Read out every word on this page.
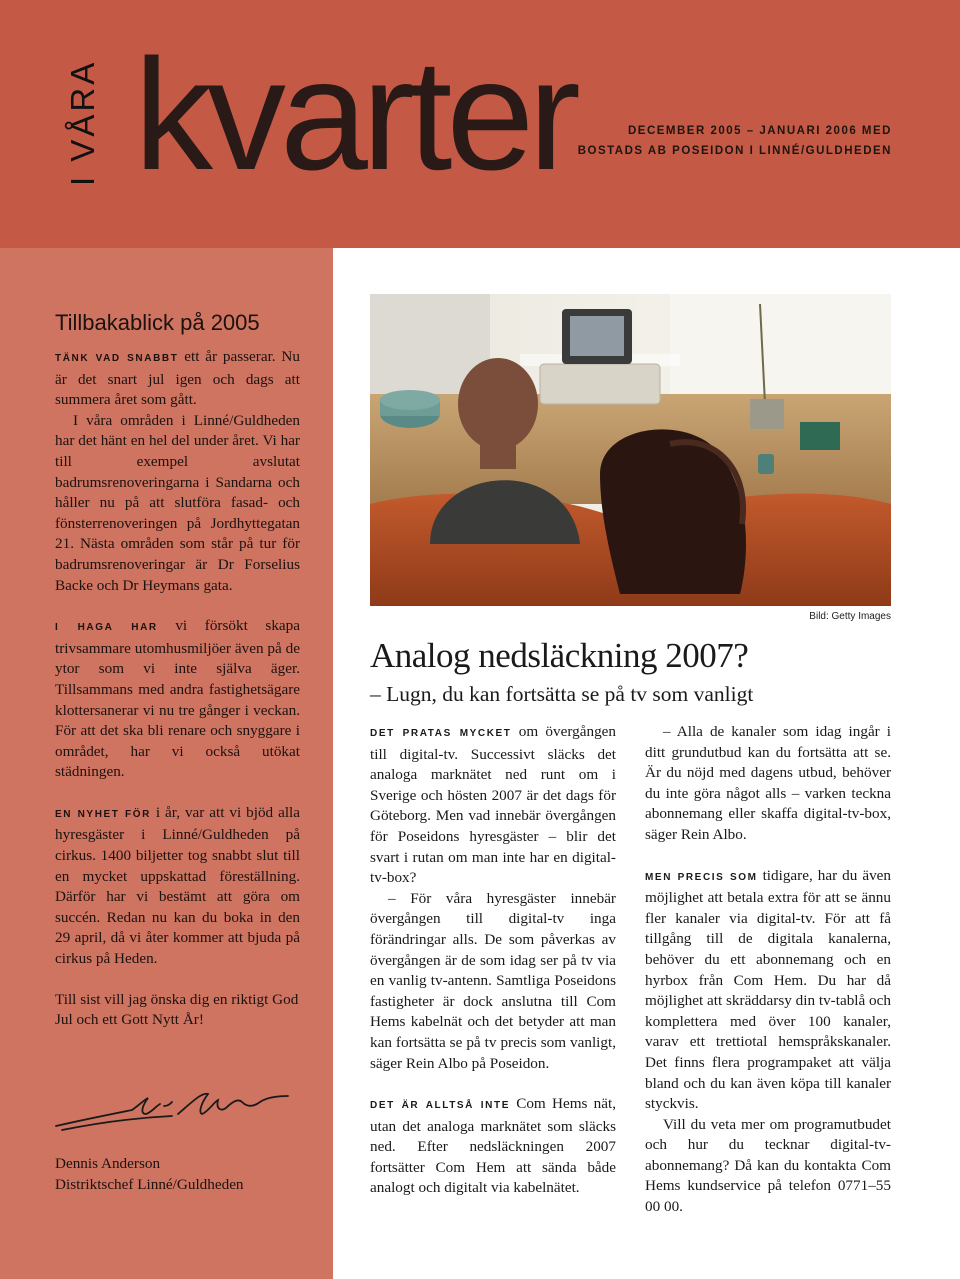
I VÅRA kvarter	DECEMBER 2005 – JANUARI 2006 MED
BOSTADS AB POSEIDON I LINNÉ/GULDHEDEN
Tillbakablick på 2005

TÄNK VAD SNABBT ett år passerar. Nu är det snart jul igen och dags att summera året som gått.

I våra områden i Linné/Guldheden har det hänt en hel del under året. Vi har till exempel avslutat badrumsrenoveringarna i Sandarna och håller nu på att slutföra fasad- och fönsterrenoveringen på Jordhyttegatan 21. Nästa områden som står på tur för badrumsrenoveringar är Dr Forselius Backe och Dr Heymans gata.

I HAGA HAR vi försökt skapa trivsammare utomhusmiljöer även på de ytor som vi inte själva äger. Tillsammans med andra fastighetsägare klottersanerar vi nu tre gånger i veckan. För att det ska bli renare och snyggare i området, har vi också utökat städningen.

EN NYHET FÖR i år, var att vi bjöd alla hyresgäster i Linné/Guldheden på cirkus. 1400 biljetter tog snabbt slut till en mycket uppskattad föreställning. Därför har vi bestämt att göra om succén. Redan nu kan du boka in den 29 april, då vi åter kommer att bjuda på cirkus på Heden.

Till sist vill jag önska dig en riktigt God Jul och ett Gott Nytt År!

Dennis Anderson
Distriktschef Linné/Guldheden
Bild: Getty Images
Analog nedsläckning 2007?
– Lugn, du kan fortsätta se på tv som vanligt

DET PRATAS MYCKET om övergången till digital-tv. Successivt släcks det analoga marknätet ned runt om i Sverige och hösten 2007 är det dags för Göteborg. Men vad innebär övergången för Poseidons hyresgäster – blir det svart i rutan om man inte har en digital-tv-box?

– För våra hyresgäster innebär övergången till digital-tv inga förändringar alls. De som påverkas av övergången är de som idag ser på tv via en vanlig tv-antenn. Samtliga Poseidons fastigheter är dock anslutna till Com Hems kabelnät och det betyder att man kan fortsätta se på tv precis som vanligt, säger Rein Albo på Poseidon.

DET ÄR ALLTSÅ INTE Com Hems nät, utan det analoga marknätet som släcks ned. Efter nedsläckningen 2007 fortsätter Com Hem att sända både analogt och digitalt via kabelnätet.

– Alla de kanaler som idag ingår i ditt grundutbud kan du fortsätta att se. Är du nöjd med dagens utbud, behöver du inte göra något alls – varken teckna abonnemang eller skaffa digital-tv-box, säger Rein Albo.

MEN PRECIS SOM tidigare, har du även möjlighet att betala extra för att se ännu fler kanaler via digital-tv. För att få tillgång till de digitala kanalerna, behöver du ett abonnemang och en hyrbox från Com Hem. Du har då möjlighet att skräddarsy din tv-tablå och komplettera med över 100 kanaler, varav ett trettiotal hemspråkskanaler. Det finns flera programpaket att välja bland och du kan även köpa till kanaler styckvis.

Vill du veta mer om programutbudet och hur du tecknar digital-tv-abonnemang? Då kan du kontakta Com Hems kundservice på telefon 0771–55 00 00.
